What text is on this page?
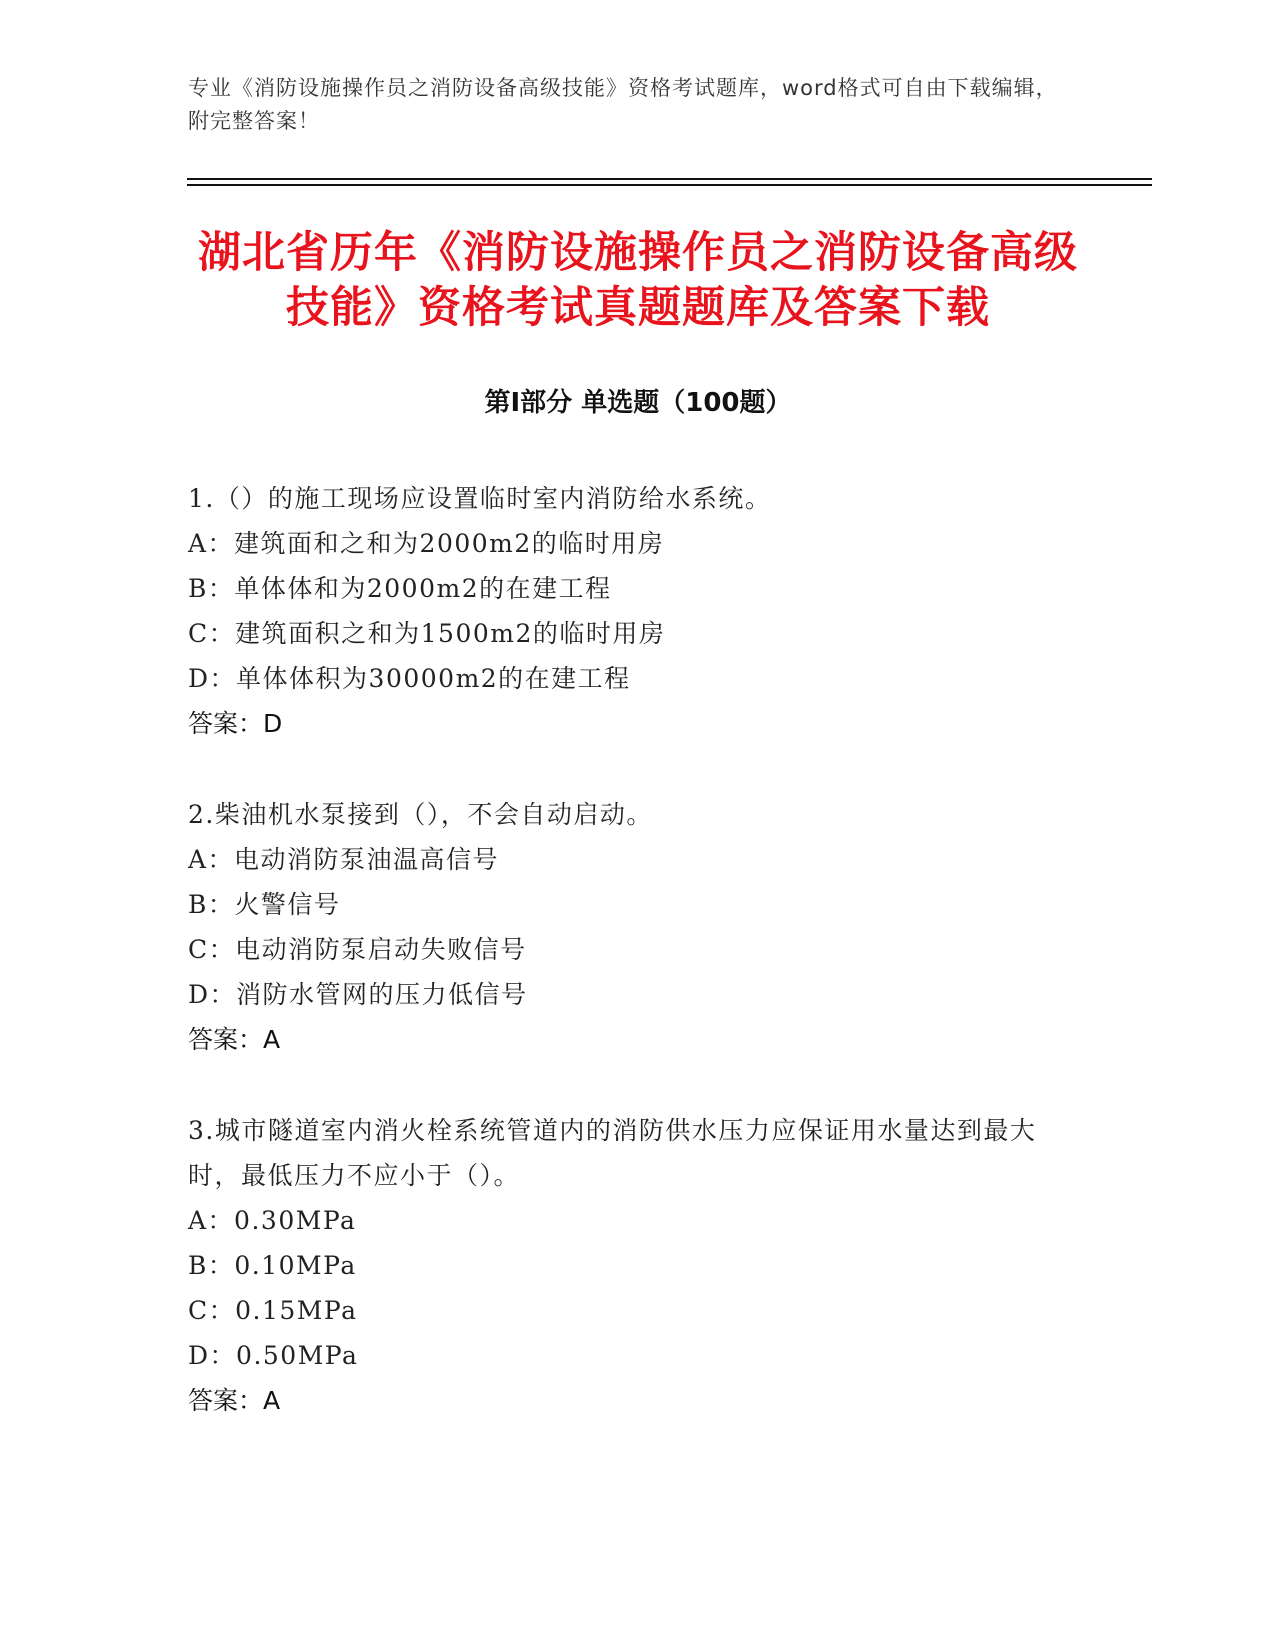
专业《消防设施操作员之消防设备高级技能》资格考试题库，word格式可自由下载编辑，附完整答案！
湖北省历年《消防设施操作员之消防设备高级技能》资格考试真题题库及答案下载
第Ⅰ部分 单选题（100题）
1.（）的施工现场应设置临时室内消防给水系统。
A：建筑面和之和为2000m2的临时用房
B：单体体和为2000m2的在建工程
C：建筑面积之和为1500m2的临时用房
D：单体体积为30000m2的在建工程
答案：D
2.柴油机水泵接到（），不会自动启动。
A：电动消防泵油温高信号
B：火警信号
C：电动消防泵启动失败信号
D：消防水管网的压力低信号
答案：A
3.城市隧道室内消火栓系统管道内的消防供水压力应保证用水量达到最大时，最低压力不应小于（）。
A：0.30MPa
B：0.10MPa
C：0.15MPa
D：0.50MPa
答案：A
